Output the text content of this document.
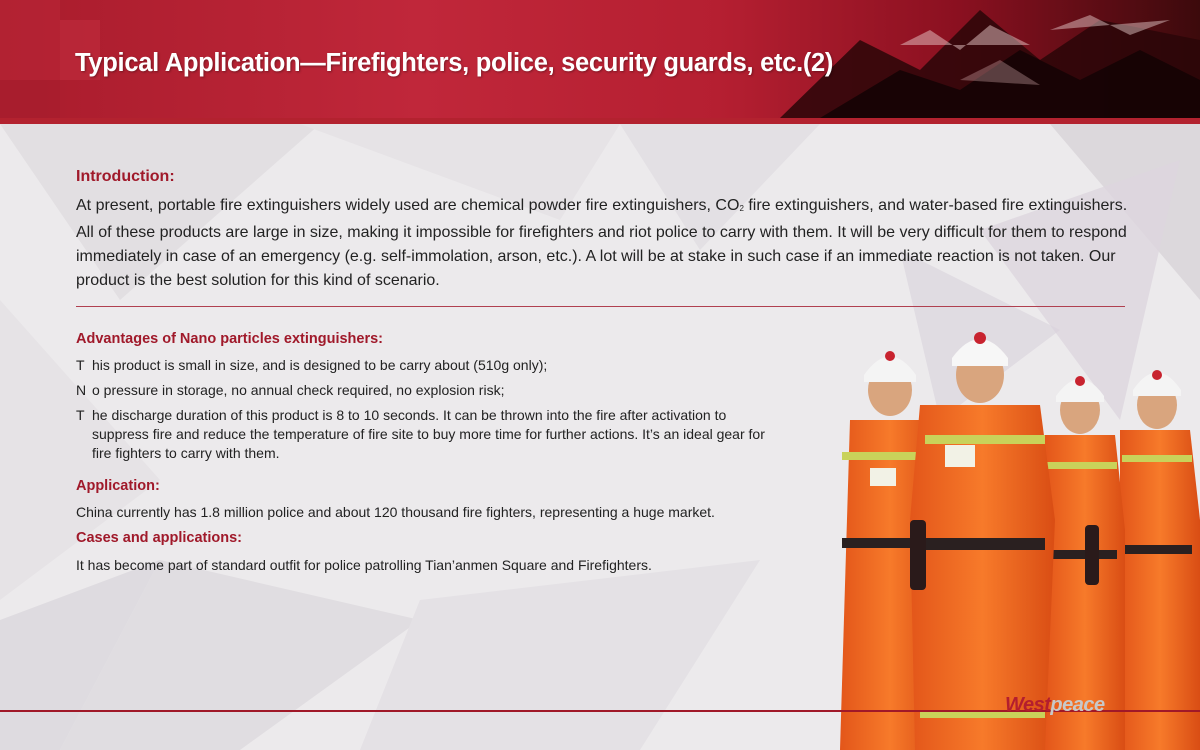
Typical Application—Firefighters, police, security guards, etc.(2)
Introduction:

At present, portable fire extinguishers widely used are chemical powder fire extinguishers, $CO_2$ fire extinguishers, and water-based fire extinguishers. All of these products are large in size, making it impossible for firefighters and riot police to carry with them. It will be very difficult for them to respond immediately in case of an emergency (e.g. self-immolation, arson, etc.). A lot will be at stake in such case if an immediate reaction is not taken. Our product is the best solution for this kind of scenario.

Advantages of Nano particles extinguishers:
T his product is small in size, and is designed to be carry about (510g only);
N o pressure in storage, no annual check required, no explosion risk;
T he discharge duration of this product is 8 to 10 seconds. It can be thrown into the fire after activation to suppress fire and reduce the temperature of fire site to buy more time for further actions. It’s an ideal gear for fire fighters to carry with them.
Application:

China currently has 1.8 million police and about 120 thousand fire fighters, representing a huge market.

Cases and applications:

It has become part of standard outfit for police patrolling Tian’anmen Square and Firefighters.

Westpeace
